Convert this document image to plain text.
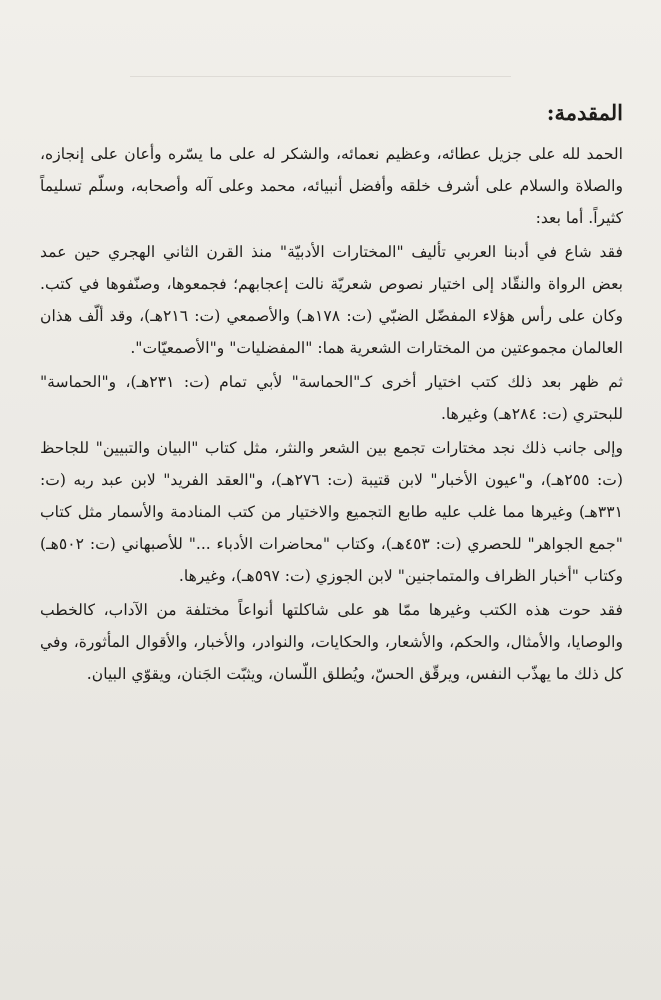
المقدمة:

الحمد لله على جزيل عطائه، وعظيم نعمائه، والشكر له على ما يسّره وأعان على إنجازه، والصلاة والسلام على أشرف خلقه وأفضل أنبيائه، محمد وعلى آله وأصحابه، وسلّم تسليماً كثيراً. أما بعد:

فقد شاع في أدبنا العربي تأليف "المختارات الأدبيّة" منذ القرن الثاني الهجري حين عمد بعض الرواة والنقّاد إلى اختيار نصوص شعريّة نالت إعجابهم؛ فجمعوها، وصنّفوها في كتب. وكان على رأس هؤلاء المفضّل الضبّي (ت: ١٧٨هـ) والأصمعي (ت: ٢١٦هـ)، وقد ألّف هذان العالمان مجموعتين من المختارات الشعرية هما: "المفضليات" و"الأصمعيّات".

ثم ظهر بعد ذلك كتب اختيار أخرى كـ"الحماسة" لأبي تمام (ت: ٢٣١هـ)، و"الحماسة" للبحتري (ت: ٢٨٤هـ) وغيرها.

وإلى جانب ذلك نجد مختارات تجمع بين الشعر والنثر، مثل كتاب "البيان والتبيين" للجاحظ (ت: ٢٥٥هـ)، و"عيون الأخبار" لابن قتيبة (ت: ٢٧٦هـ)، و"العقد الفريد" لابن عبد ربه (ت: ٣٣١هـ) وغيرها مما غلب عليه طابع التجميع والاختيار من كتب المنادمة والأسمار مثل كتاب "جمع الجواهر" للحصري (ت: ٤٥٣هـ)، وكتاب "محاضرات الأدباء ..." للأصبهاني (ت: ٥٠٢هـ) وكتاب "أخبار الظراف والمتماجنين" لابن الجوزي (ت: ٥٩٧هـ)، وغيرها.

فقد حوت هذه الكتب وغيرها ممّا هو على شاكلتها أنواعاً مختلفة من الآداب، كالخطب والوصايا، والأمثال، والحكم، والأشعار، والحكايات، والنوادر، والأخبار، والأقوال المأثورة، وفي كل ذلك ما يهذّب النفس، ويرقّق الحسّ، ويُطلق اللّسان، ويثبّت الجَنان، ويقوّي البيان.
